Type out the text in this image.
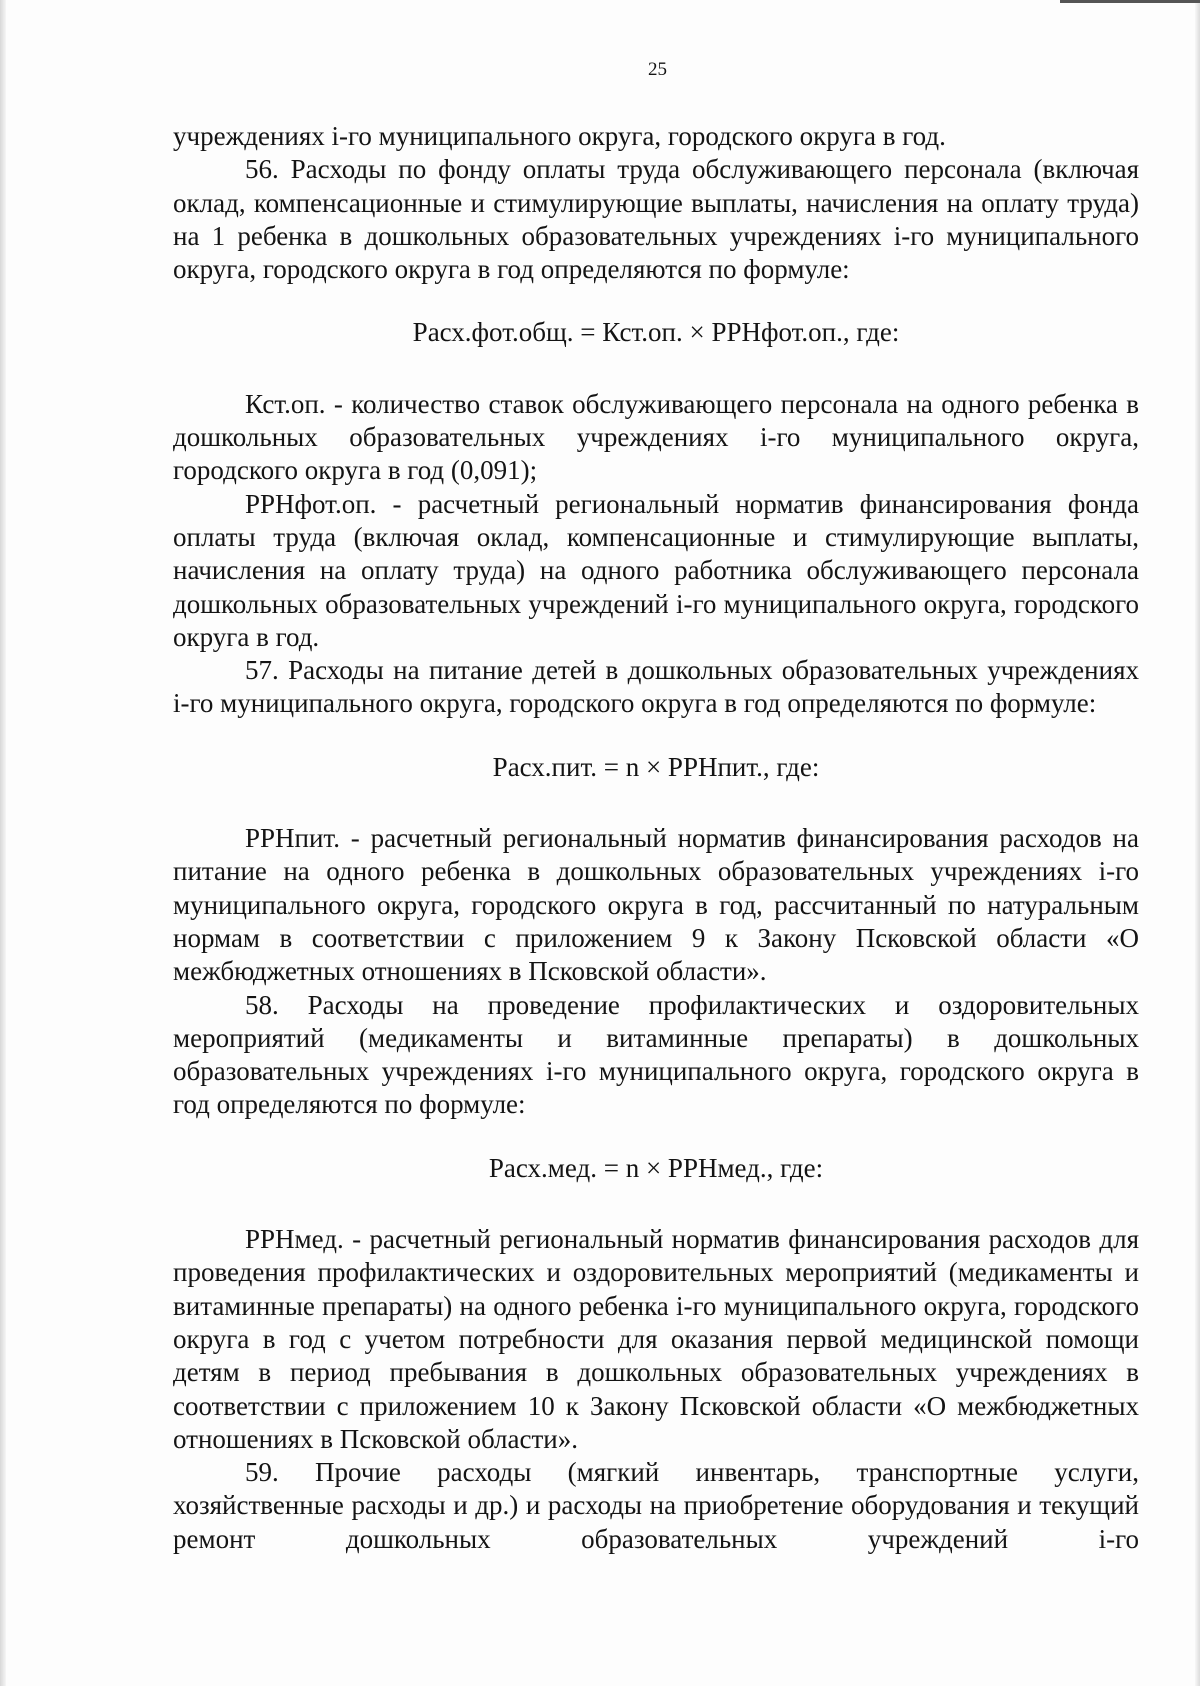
25

учреждениях i-го муниципального округа, городского округа в год.

56. Расходы по фонду оплаты труда обслуживающего персонала (включая оклад, компенсационные и стимулирующие выплаты, начисления на оплату труда) на 1 ребенка в дошкольных образовательных учреждениях i-го муниципального округа, городского округа в год определяются по формуле:

Расх.фот.общ. = Кст.оп. × РРНфот.оп., где:

Кст.оп. - количество ставок обслуживающего персонала на одного ребенка в дошкольных образовательных учреждениях i-го муниципального округа, городского округа в год (0,091);

РРНфот.оп. - расчетный региональный норматив финансирования фонда оплаты труда (включая оклад, компенсационные и стимулирующие выплаты, начисления на оплату труда) на одного работника обслуживающего персонала дошкольных образовательных учреждений i-го муниципального округа, городского округа в год.

57. Расходы на питание детей в дошкольных образовательных учреждениях i-го муниципального округа, городского округа в год определяются по формуле:

Расх.пит. = n × РРНпит., где:

РРНпит. - расчетный региональный норматив финансирования расходов на питание на одного ребенка в дошкольных образовательных учреждениях i-го муниципального округа, городского округа в год, рассчитанный по натуральным нормам в соответствии с приложением 9 к Закону Псковской области «О межбюджетных отношениях в Псковской области».

58. Расходы на проведение профилактических и оздоровительных мероприятий (медикаменты и витаминные препараты) в дошкольных образовательных учреждениях i-го муниципального округа, городского округа в год определяются по формуле:

Расх.мед. = n × РРНмед., где:

РРНмед. - расчетный региональный норматив финансирования расходов для проведения профилактических и оздоровительных мероприятий (медикаменты и витаминные препараты) на одного ребенка i-го муниципального округа, городского округа в год с учетом потребности для оказания первой медицинской помощи детям в период пребывания в дошкольных образовательных учреждениях в соответствии с приложением 10 к Закону Псковской области «О межбюджетных отношениях в Псковской области».

59. Прочие расходы (мягкий инвентарь, транспортные услуги, хозяйственные расходы и др.) и расходы на приобретение оборудования и текущий ремонт дошкольных образовательных учреждений i-го
